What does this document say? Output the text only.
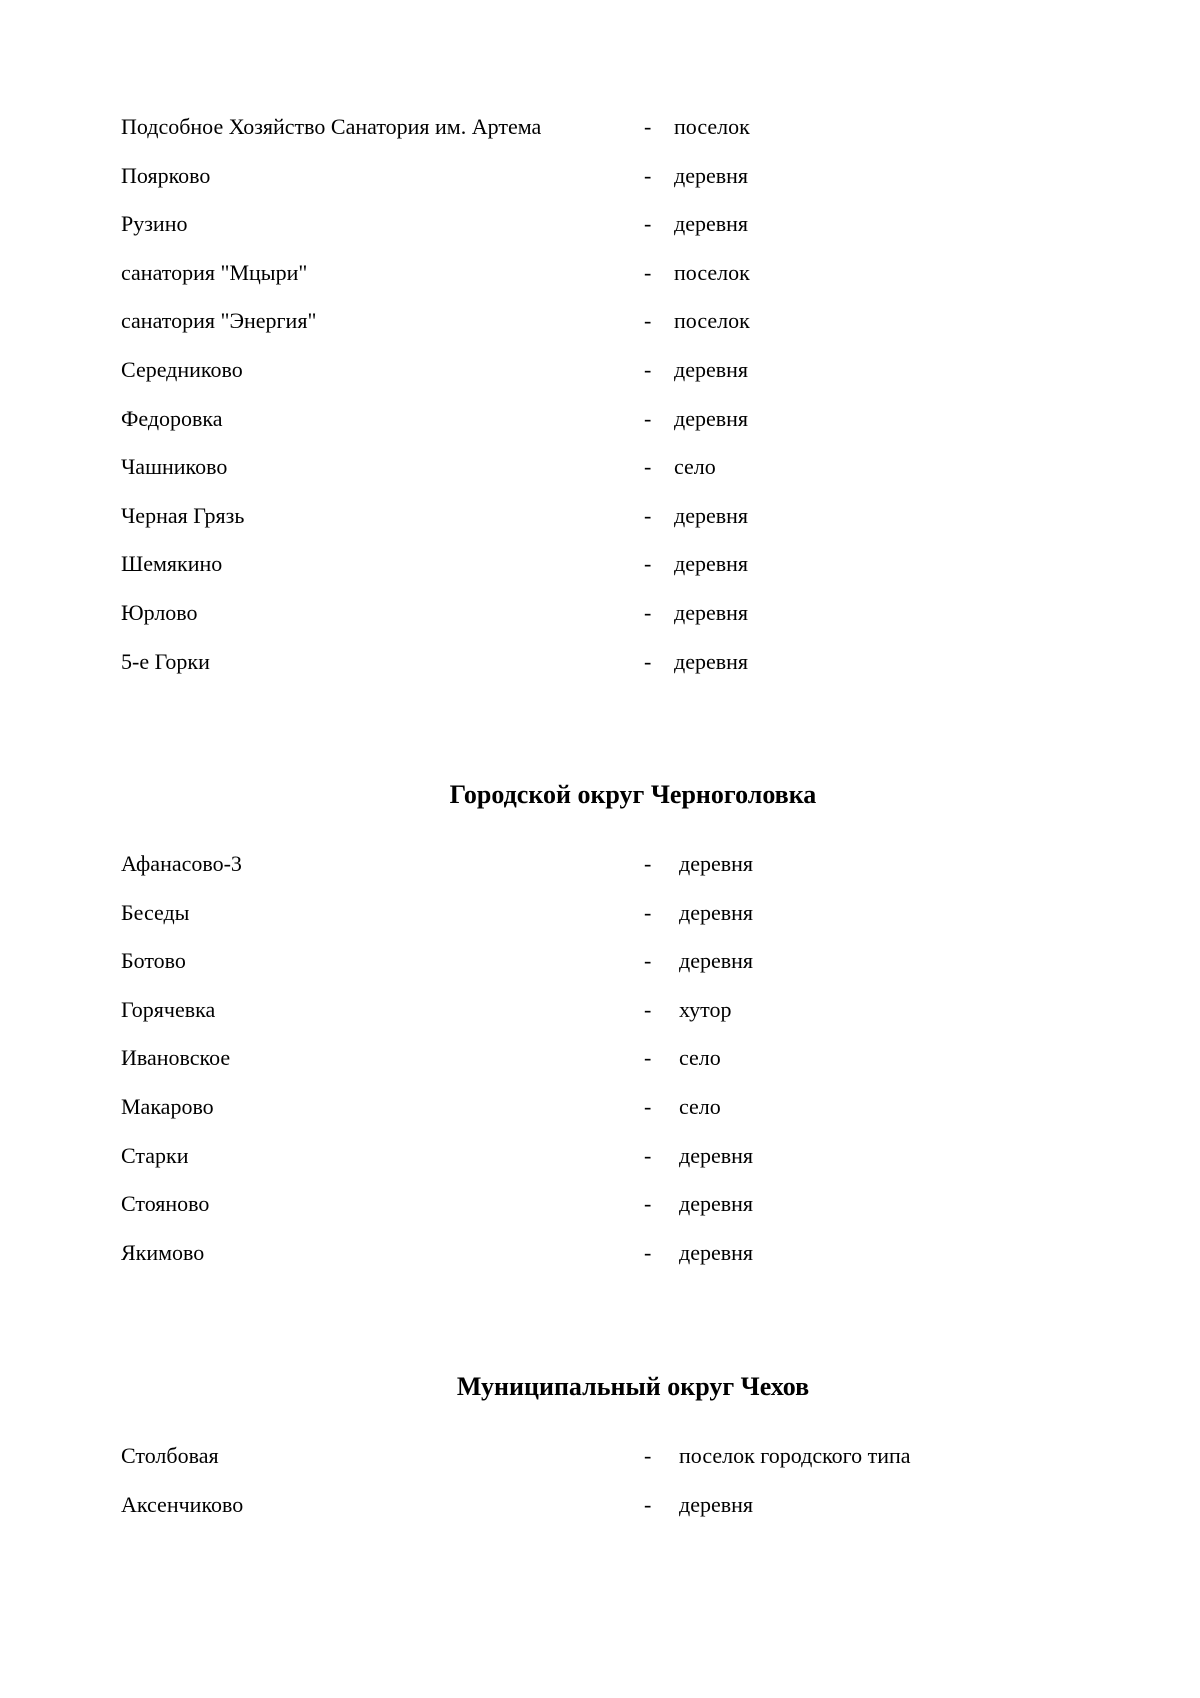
Подсобное Хозяйство Санатория им. Артема	- поселок
Поярково	- деревня
Рузино	- деревня
санатория "Мцыри"	- поселок
санатория "Энергия"	- поселок
Середниково	- деревня
Федоровка	- деревня
Чашниково	- село
Черная Грязь	- деревня
Шемякино	- деревня
Юрлово	- деревня
5-е Горки	- деревня
Городской округ Черноголовка
Афанасово-3	- деревня
Беседы	- деревня
Ботово	- деревня
Горячевка	- хутор
Ивановское	- село
Макарово	- село
Старки	- деревня
Стояново	- деревня
Якимово	- деревня
Муниципальный округ Чехов
Столбовая	- поселок городского типа
Аксенчиково	- деревня
